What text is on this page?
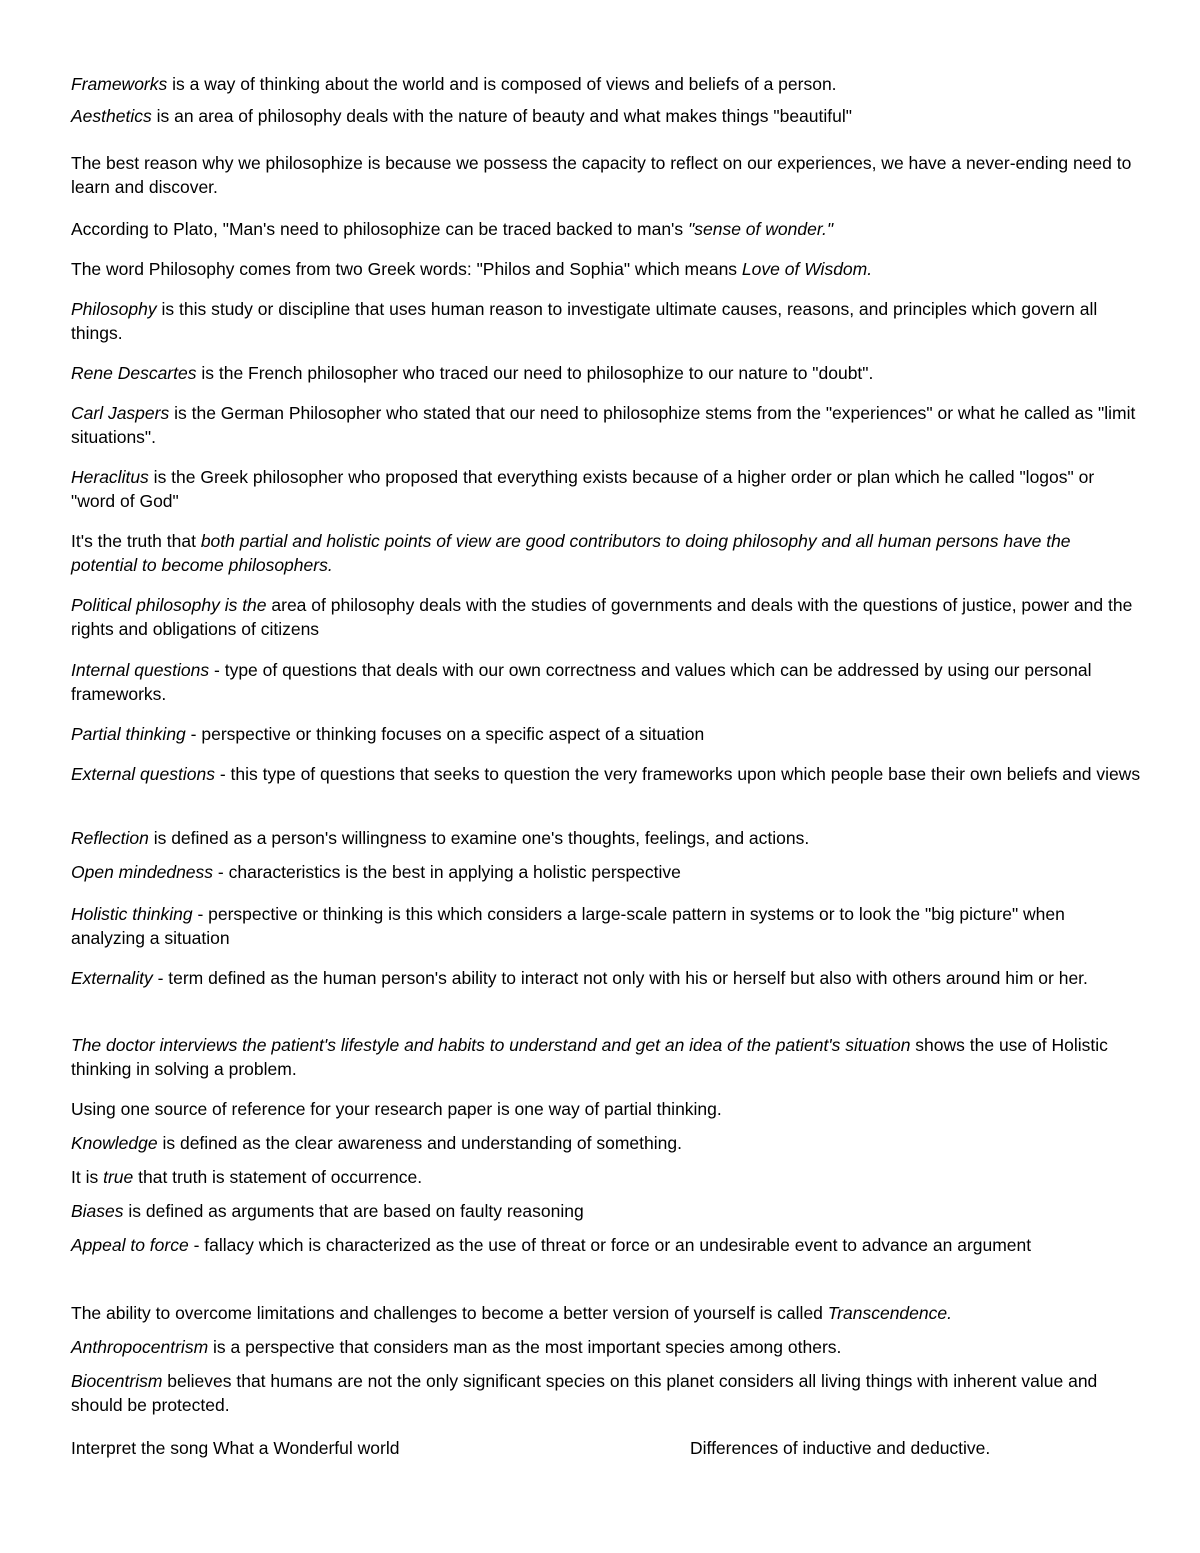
Frameworks is a way of thinking about the world and is composed of views and beliefs of a person.

Aesthetics is an area of philosophy deals with the nature of beauty and what makes things "beautiful"

The best reason why we philosophize is because we possess the capacity to reflect on our experiences, we have a never-ending need to learn and discover.

According to Plato, "Man's need to philosophize can be traced backed to man's "sense of wonder."

The word Philosophy comes from two Greek words: "Philos and Sophia" which means Love of Wisdom.

Philosophy is this study or discipline that uses human reason to investigate ultimate causes, reasons, and principles which govern all things.

Rene Descartes is the French philosopher who traced our need to philosophize to our nature to "doubt".

Carl Jaspers is the German Philosopher who stated that our need to philosophize stems from the "experiences" or what he called as "limit situations".

Heraclitus is the Greek philosopher who proposed that everything exists because of a higher order or plan which he called "logos" or "word of God"

It's the truth that both partial and holistic points of view are good contributors to doing philosophy and all human persons have the potential to become philosophers.

Political philosophy is the area of philosophy deals with the studies of governments and deals with the questions of justice, power and the rights and obligations of citizens

Internal questions - type of questions that deals with our own correctness and values which can be addressed by using our personal frameworks.

Partial thinking - perspective or thinking focuses on a specific aspect of a situation

External questions - this type of questions that seeks to question the very frameworks upon which people base their own beliefs and views

Reflection is defined as a person's willingness to examine one's thoughts, feelings, and actions.

Open mindedness - characteristics is the best in applying a holistic perspective

Holistic thinking - perspective or thinking is this which considers a large-scale pattern in systems or to look the "big picture" when analyzing a situation

Externality - term defined as the human person's ability to interact not only with his or herself but also with others around him or her.

The doctor interviews the patient's lifestyle and habits to understand and get an idea of the patient's situation shows the use of Holistic thinking in solving a problem.

Using one source of reference for your research paper is one way of partial thinking.

Knowledge is defined as the clear awareness and understanding of something.

It is true that truth is statement of occurrence.

Biases is defined as arguments that are based on faulty reasoning

Appeal to force - fallacy which is characterized as the use of threat or force or an undesirable event to advance an argument

The ability to overcome limitations and challenges to become a better version of yourself is called Transcendence.

Anthropocentrism is a perspective that considers man as the most important species among others.

Biocentrism believes that humans are not the only significant species on this planet considers all living things with inherent value and should be protected.

Interpret the song What a Wonderful world	Differences of inductive and deductive.
